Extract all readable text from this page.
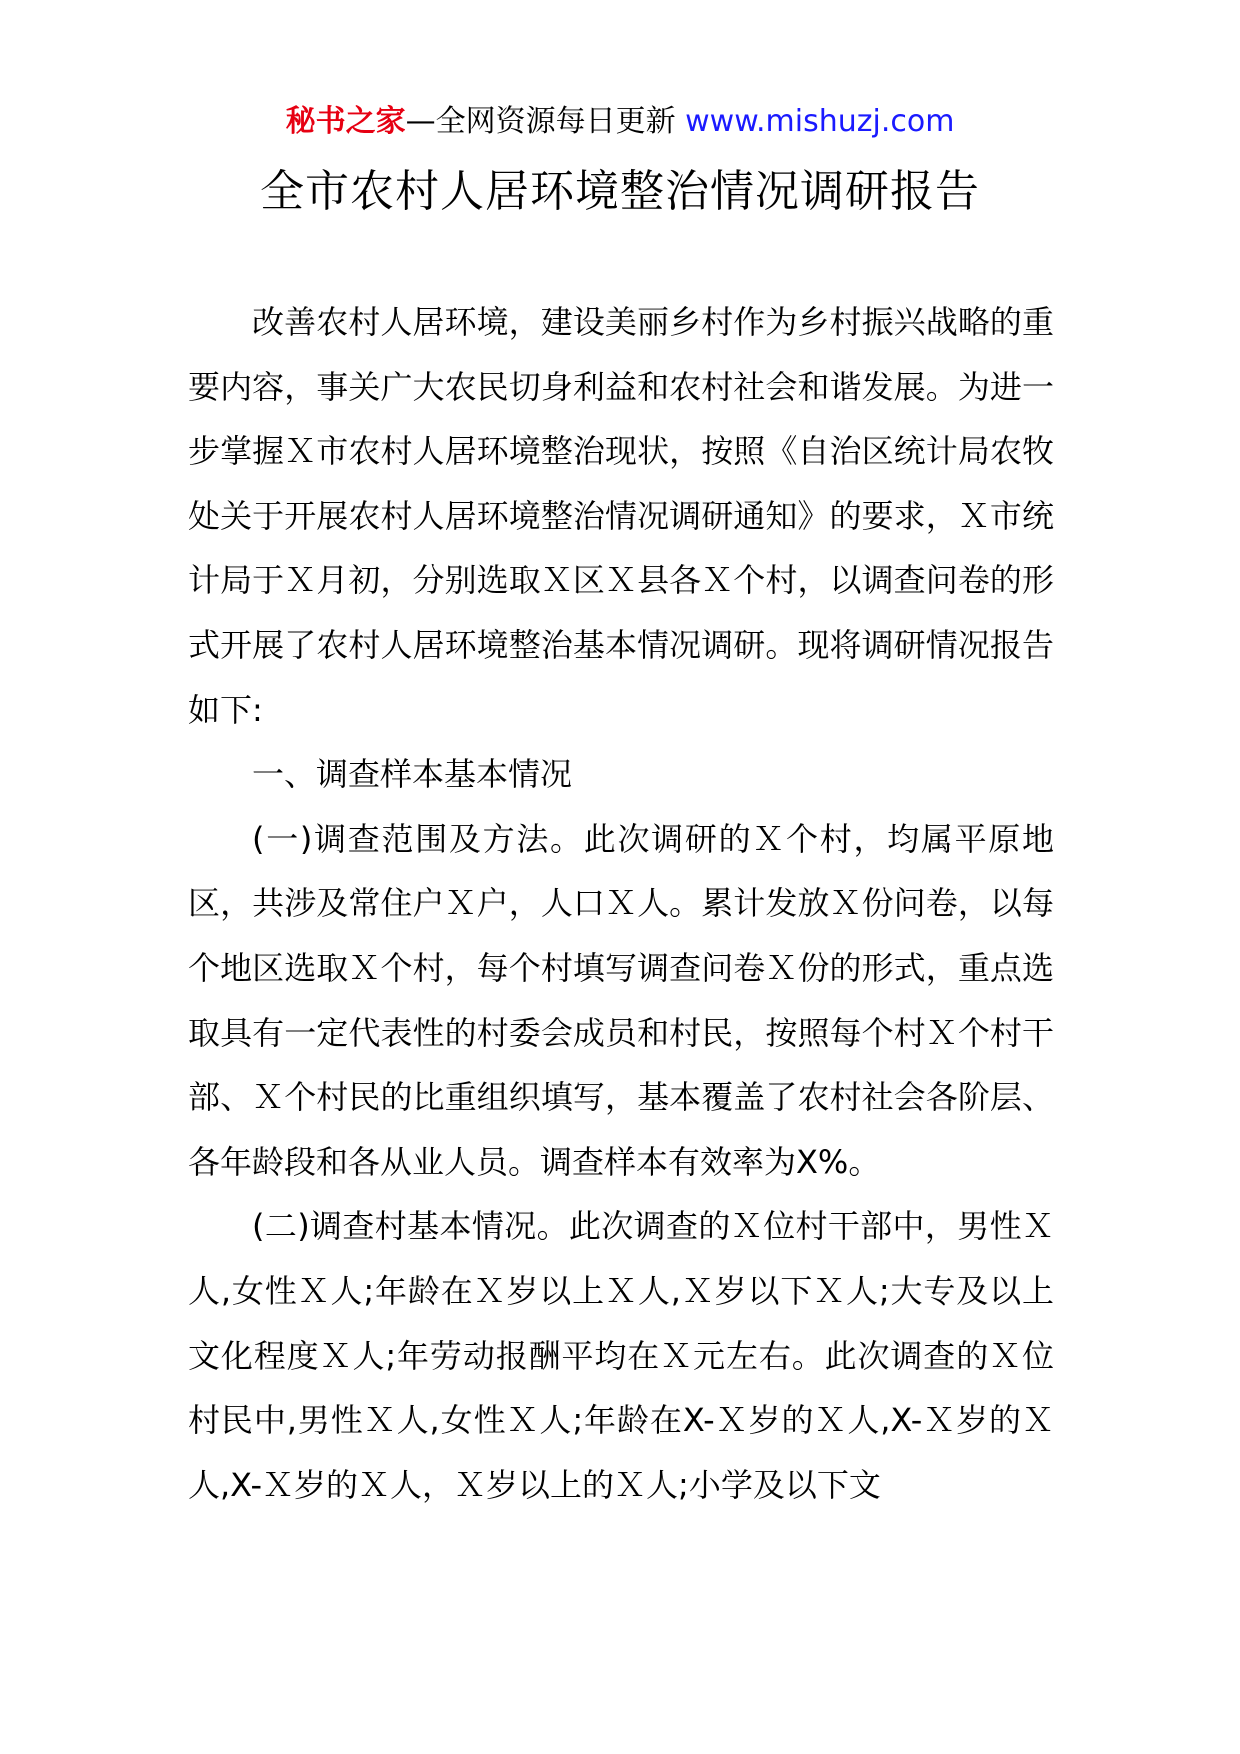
秘书之家—全网资源每日更新 www.mishuzj.com
全市农村人居环境整治情况调研报告

改善农村人居环境，建设美丽乡村作为乡村振兴战略的重要内容，事关广大农民切身利益和农村社会和谐发展。为进一步掌握Ｘ市农村人居环境整治现状，按照《自治区统计局农牧处关于开展农村人居环境整治情况调研通知》的要求，Ｘ市统计局于Ｘ月初，分别选取Ｘ区Ｘ县各Ｘ个村，以调查问卷的形式开展了农村人居环境整治基本情况调研。现将调研情况报告如下:

一、调查样本基本情况

(一)调查范围及方法。此次调研的Ｘ个村，均属平原地区，共涉及常住户Ｘ户，人口Ｘ人。累计发放Ｘ份问卷，以每个地区选取Ｘ个村，每个村填写调查问卷Ｘ份的形式，重点选取具有一定代表性的村委会成员和村民，按照每个村Ｘ个村干部、Ｘ个村民的比重组织填写，基本覆盖了农村社会各阶层、各年龄段和各从业人员。调查样本有效率为X%。

(二)调查村基本情况。此次调查的Ｘ位村干部中，男性Ｘ人,女性Ｘ人;年龄在Ｘ岁以上Ｘ人,Ｘ岁以下Ｘ人;大专及以上文化程度Ｘ人;年劳动报酬平均在Ｘ元左右。此次调查的Ｘ位村民中,男性Ｘ人,女性Ｘ人;年龄在X-Ｘ岁的Ｘ人,X-Ｘ岁的Ｘ人,X-Ｘ岁的Ｘ人，Ｘ岁以上的Ｘ人;小学及以下文
